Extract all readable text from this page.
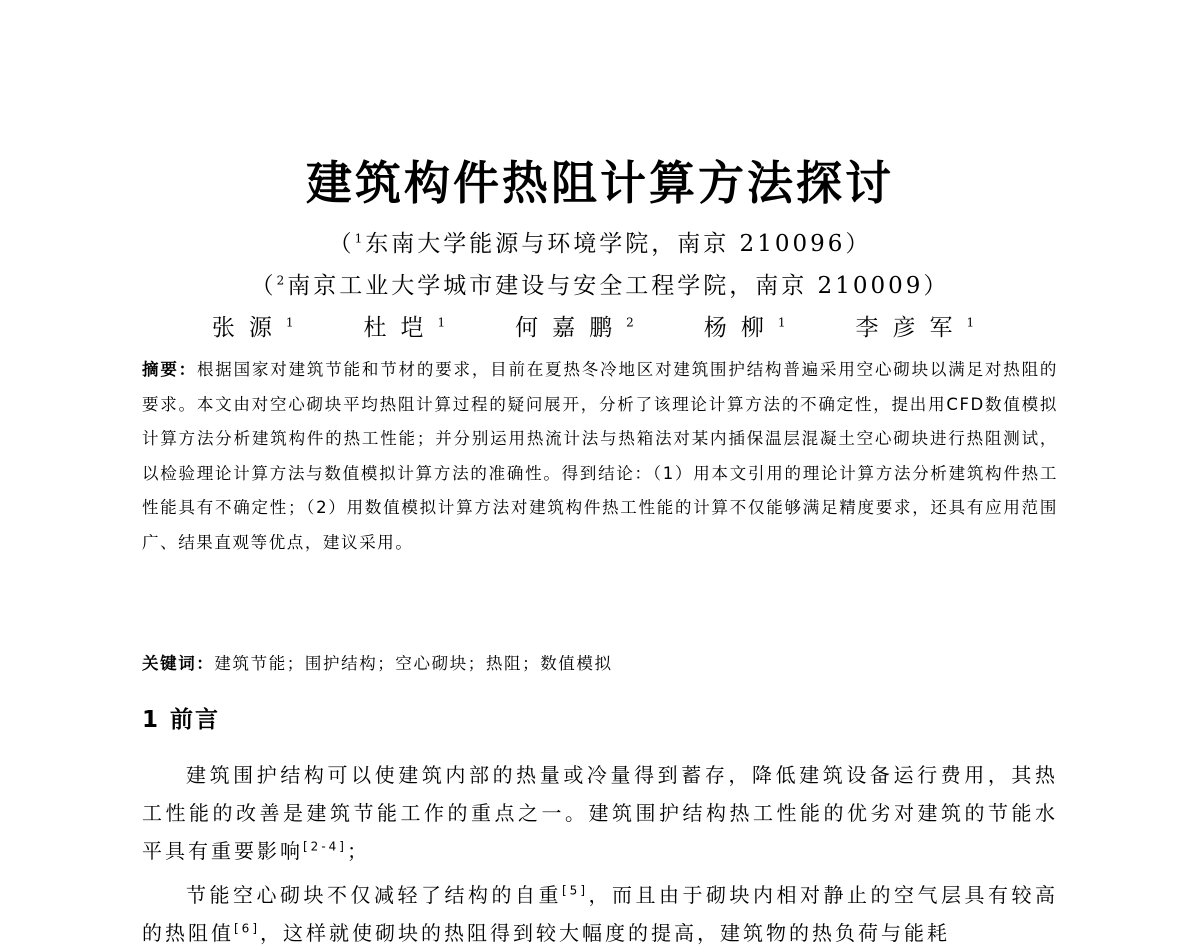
建筑构件热阻计算方法探讨
（$^1$东南大学能源与环境学院，南京 210096）
（$^2$南京工业大学城市建设与安全工程学院，南京 210009）
张源$^1$ 杜垲$^1$ 何嘉鹏$^2$ 杨柳$^1$ 李彦军$^1$
摘要：根据国家对建筑节能和节材的要求，目前在夏热冬冷地区对建筑围护结构普遍采用空心砌块以满足对热阻的要求。本文由对空心砌块平均热阻计算过程的疑问展开，分析了该理论计算方法的不确定性，提出用CFD数值模拟计算方法分析建筑构件的热工性能；并分别运用热流计法与热箱法对某内插保温层混凝土空心砌块进行热阻测试，以检验理论计算方法与数值模拟计算方法的准确性。得到结论：（1）用本文引用的理论计算方法分析建筑构件热工性能具有不确定性；（2）用数值模拟计算方法对建筑构件热工性能的计算不仅能够满足精度要求，还具有应用范围广、结果直观等优点，建议采用。
关键词：建筑节能；围护结构；空心砌块；热阻；数值模拟
1 前言
建筑围护结构可以使建筑内部的热量或冷量得到蓄存，降低建筑设备运行费用，其热工性能的改善是建筑节能工作的重点之一。建筑围护结构热工性能的优劣对建筑的节能水平具有重要影响[2-4]；
节能空心砌块不仅减轻了结构的自重[5]，而且由于砌块内相对静止的空气层具有较高的热阻值[6]，这样就使砌块的热阻得到较大幅度的提高，建筑物的热负荷与能耗
